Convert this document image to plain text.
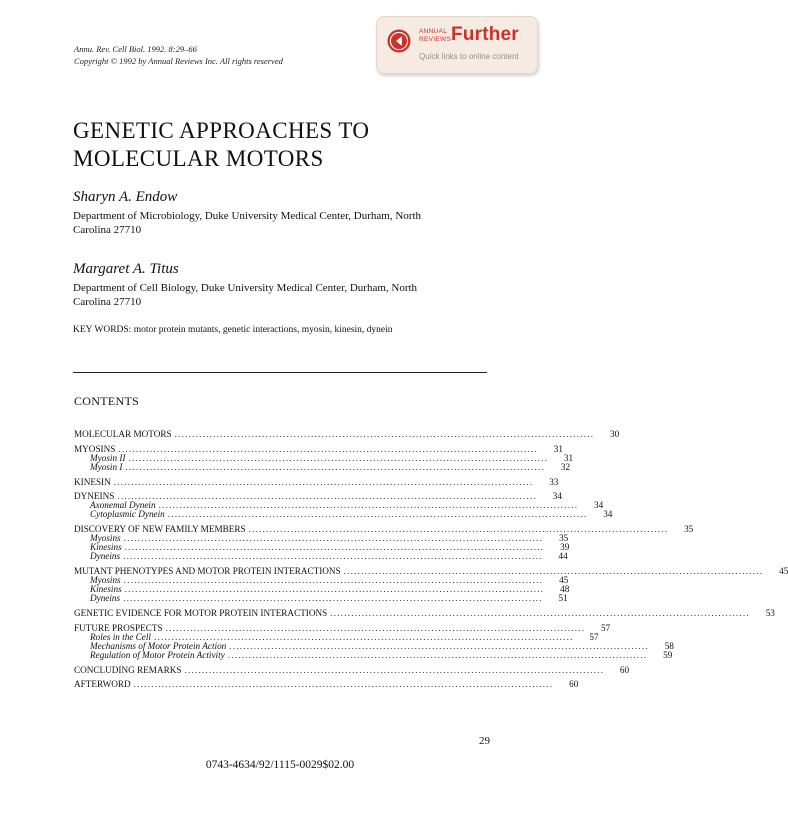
Annu. Rev. Cell Biol. 1992. 8:29–66
Copyright © 1992 by Annual Reviews Inc. All rights reserved
ANNUAL
REVIEWS Further
Quick links to online content
GENETIC APPROACHES TO
MOLECULAR MOTORS
Sharyn A. Endow

Department of Microbiology, Duke University Medical Center, Durham, North
Carolina 27710

Margaret A. Titus

Department of Cell Biology, Duke University Medical Center, Durham, North
Carolina 27710

KEY WORDS: motor protein mutants, genetic interactions, myosin, kinesin, dynein

CONTENTS
MOLECULAR MOTORS ........................................................................................................................	30
MYOSINS ........................................................................................................................	31
Myosin II ........................................................................................................................	31
Myosin I ........................................................................................................................	32
KINESIN ........................................................................................................................	33
DYNEINS ........................................................................................................................	34
Axonemal Dynein ........................................................................................................................	34
Cytoplasmic Dynein ........................................................................................................................	34
DISCOVERY OF NEW FAMILY MEMBERS ........................................................................................................................	35
Myosins ........................................................................................................................	35
Kinesins ........................................................................................................................	39
Dyneins ........................................................................................................................	44
MUTANT PHENOTYPES AND MOTOR PROTEIN INTERACTIONS ........................................................................................................................	45
Myosins ........................................................................................................................	45
Kinesins ........................................................................................................................	48
Dyneins ........................................................................................................................	51
GENETIC EVIDENCE FOR MOTOR PROTEIN INTERACTIONS ........................................................................................................................	53
FUTURE PROSPECTS ........................................................................................................................	57
Roles in the Cell ........................................................................................................................	57
Mechanisms of Motor Protein Action ........................................................................................................................	58
Regulation of Motor Protein Activity ........................................................................................................................	59
CONCLUDING REMARKS ........................................................................................................................	60
AFTERWORD ........................................................................................................................	60
29
0743-4634/92/1115-0029$02.00
